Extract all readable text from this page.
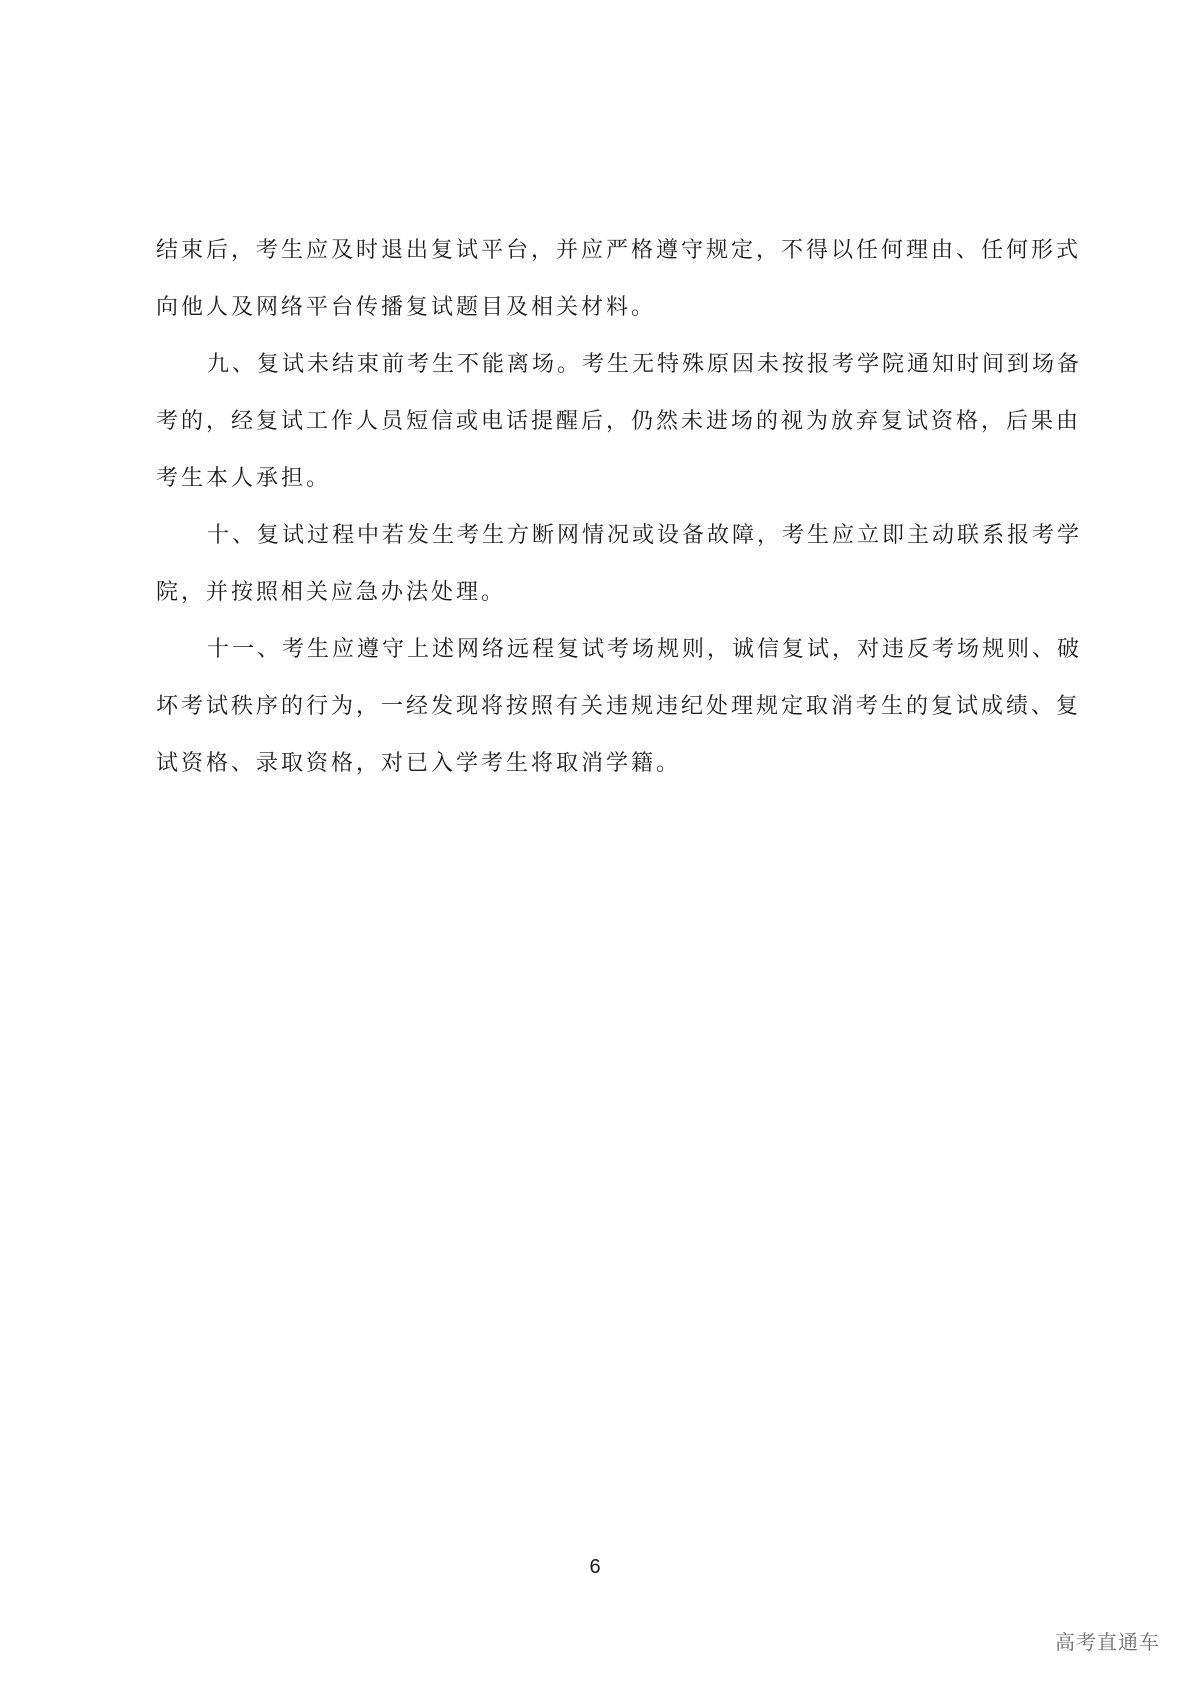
结束后，考生应及时退出复试平台，并应严格遵守规定，不得以任何理由、任何形式
向他人及网络平台传播复试题目及相关材料。
九、复试未结束前考生不能离场。考生无特殊原因未按报考学院通知时间到场备
考的，经复试工作人员短信或电话提醒后，仍然未进场的视为放弃复试资格，后果由
考生本人承担。
十、复试过程中若发生考生方断网情况或设备故障，考生应立即主动联系报考学
院，并按照相关应急办法处理。
十一、考生应遵守上述网络远程复试考场规则，诚信复试，对违反考场规则、破
坏考试秩序的行为，一经发现将按照有关违规违纪处理规定取消考生的复试成绩、复
试资格、录取资格，对已入学考生将取消学籍。
6
高考直通车
